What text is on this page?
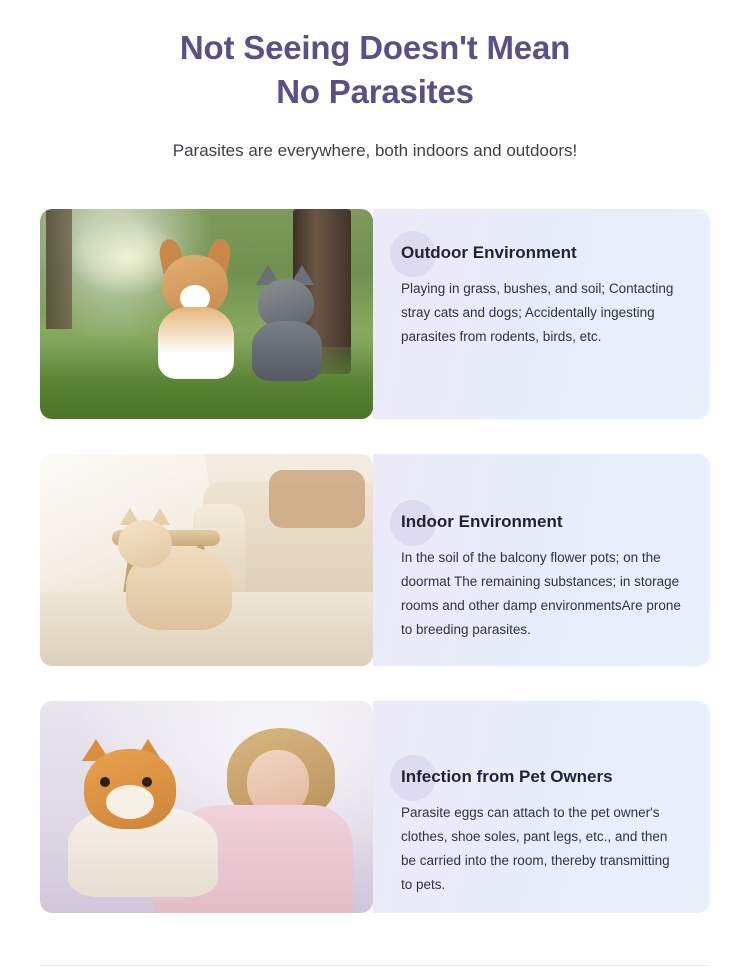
Not Seeing Doesn't Mean
No Parasites
Parasites are everywhere, both indoors and outdoors!
Outdoor Environment

Playing in grass, bushes, and soil; Contacting stray cats and dogs; Accidentally ingesting parasites from rodents, birds, etc.

Indoor Environment

In the soil of the balcony flower pots; on the doormat The remaining substances; in storage rooms and other damp environmentsAre prone to breeding parasites.

Infection from Pet Owners

Parasite eggs can attach to the pet owner's clothes, shoe soles, pant legs, etc., and then be carried into the room, thereby transmitting to pets.
